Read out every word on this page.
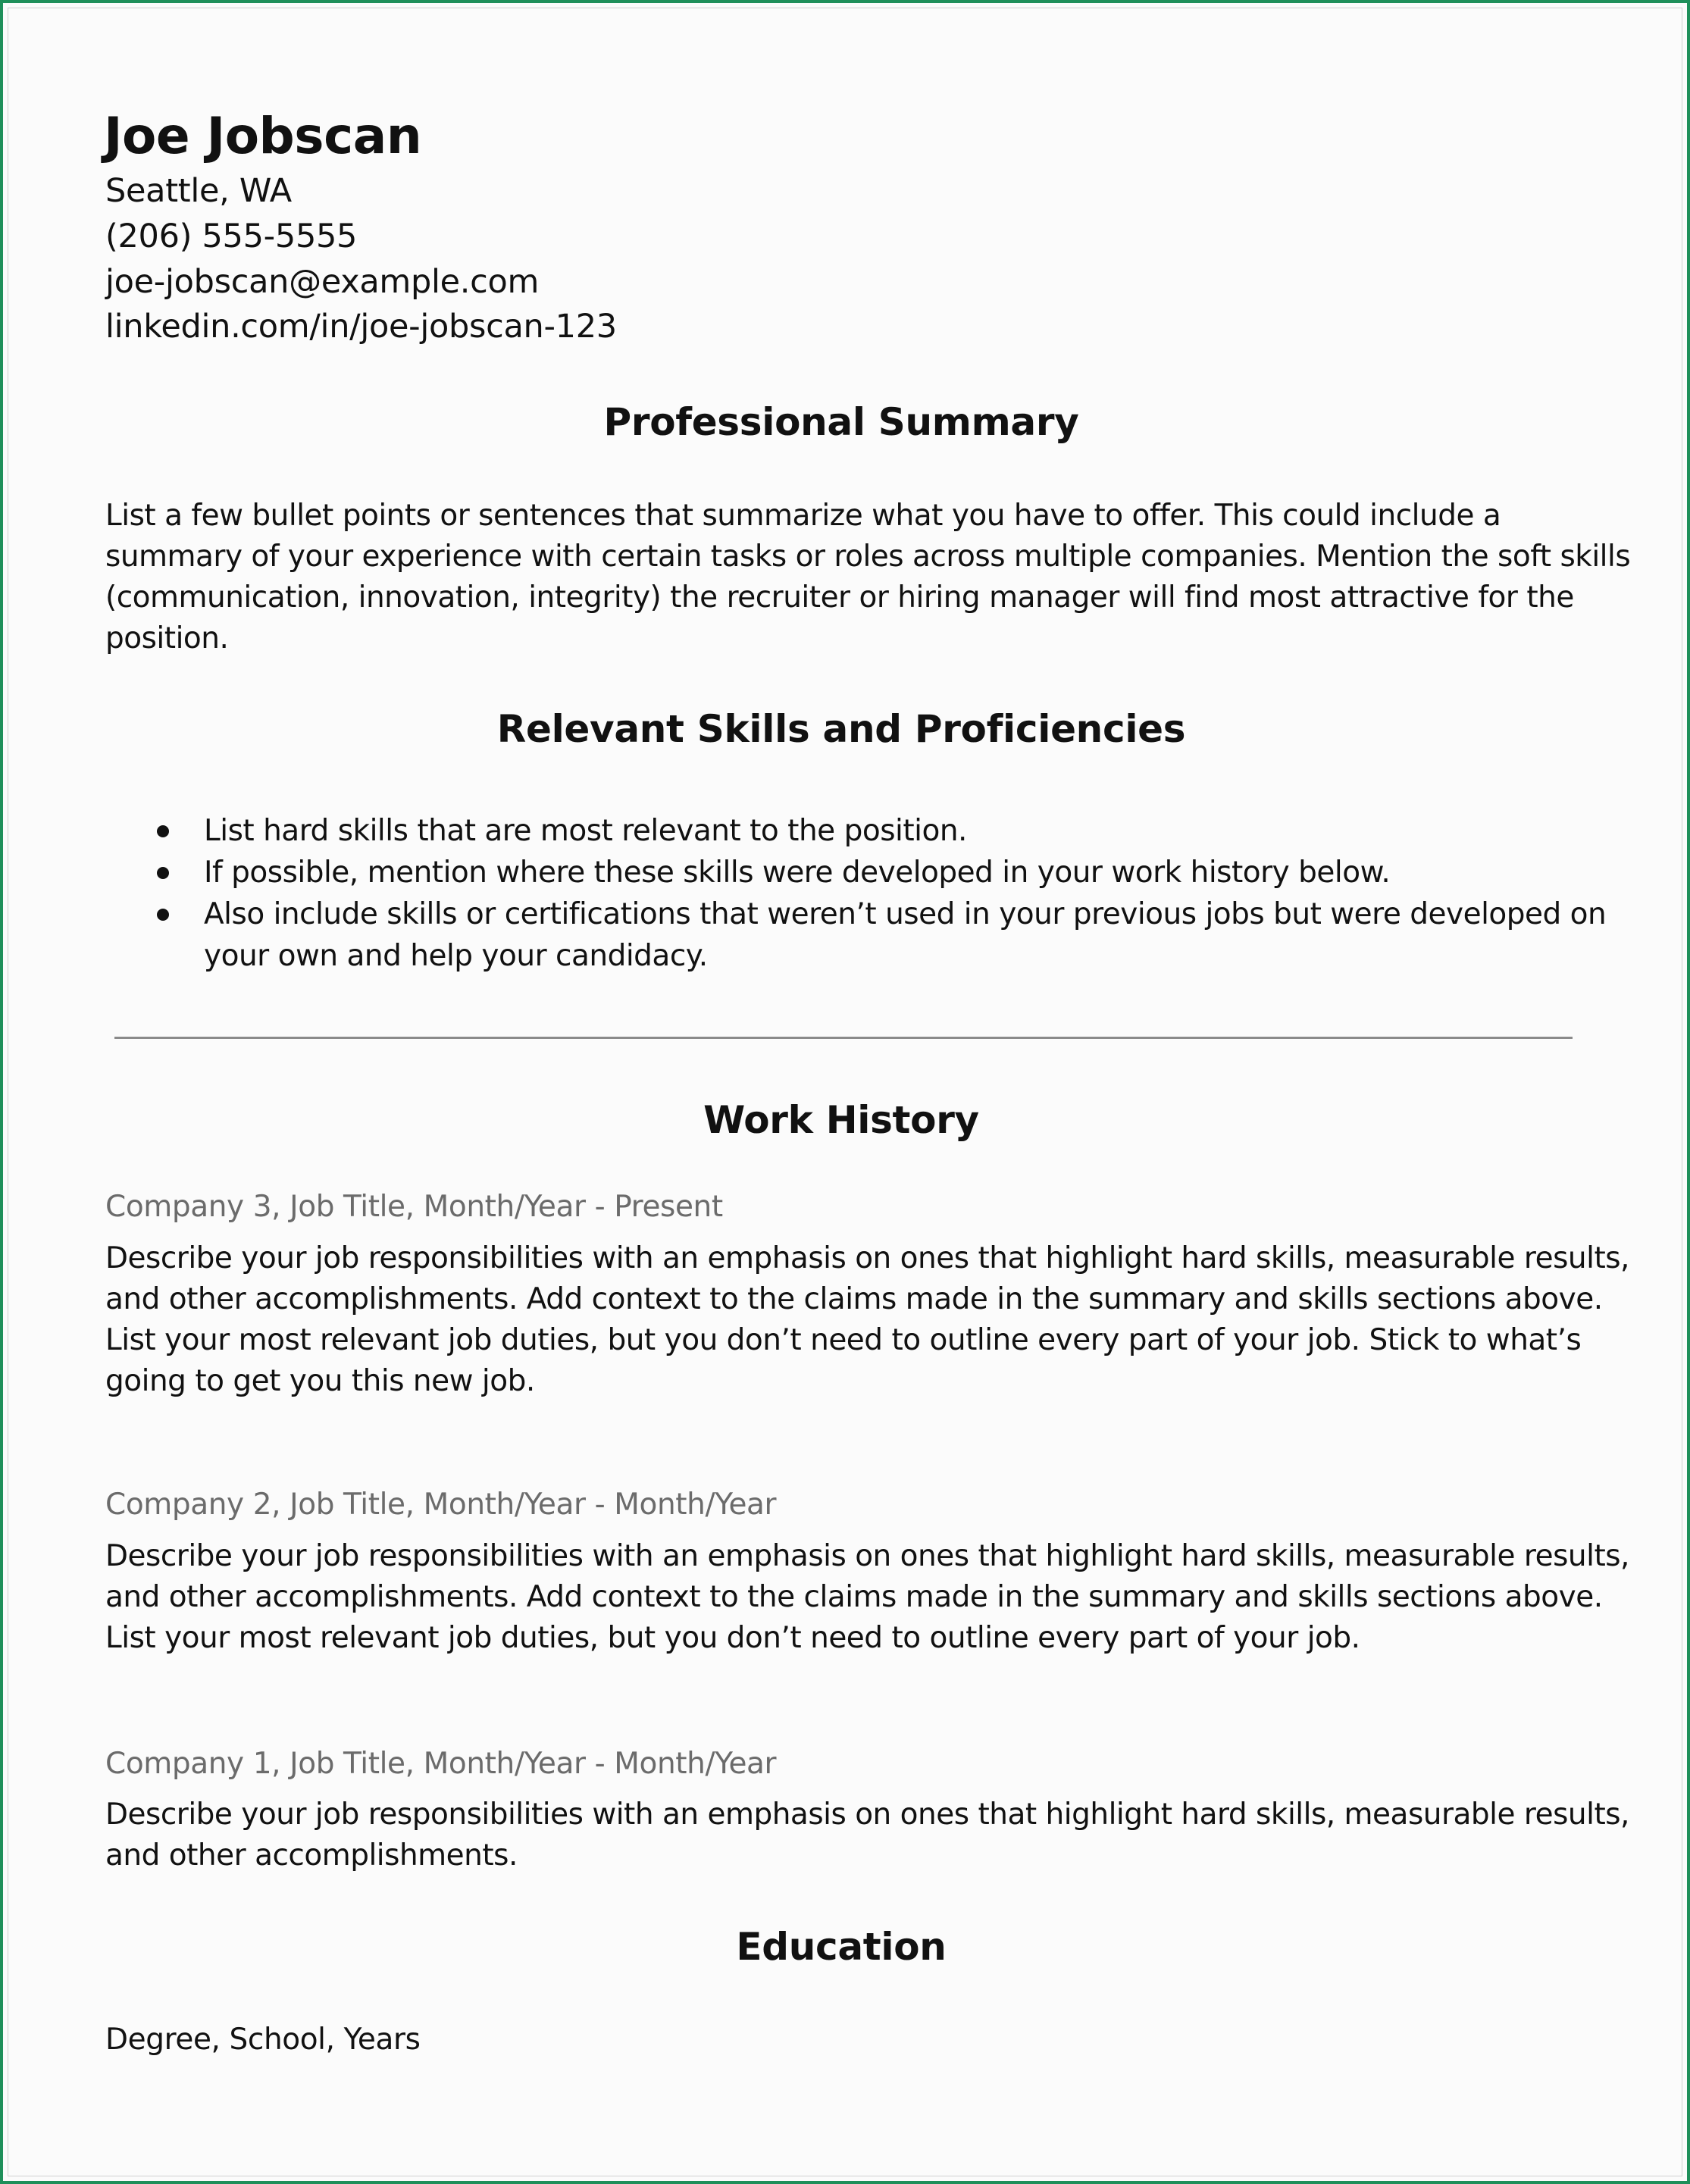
Joe Jobscan
Seattle, WA
(206) 555-5555
joe-jobscan@example.com
linkedin.com/in/joe-jobscan-123
Professional Summary
List a few bullet points or sentences that summarize what you have to offer. This could include a
summary of your experience with certain tasks or roles across multiple companies. Mention the soft skills
(communication, innovation, integrity) the recruiter or hiring manager will find most attractive for the
position.
Relevant Skills and Proficiencies
List hard skills that are most relevant to the position.
If possible, mention where these skills were developed in your work history below.
Also include skills or certifications that weren’t used in your previous jobs but were developed on
your own and help your candidacy.
Work History
Company 3, Job Title, Month/Year - Present
Describe your job responsibilities with an emphasis on ones that highlight hard skills, measurable results,
and other accomplishments. Add context to the claims made in the summary and skills sections above.
List your most relevant job duties, but you don’t need to outline every part of your job. Stick to what’s
going to get you this new job.
Company 2, Job Title, Month/Year - Month/Year
Describe your job responsibilities with an emphasis on ones that highlight hard skills, measurable results,
and other accomplishments. Add context to the claims made in the summary and skills sections above.
List your most relevant job duties, but you don’t need to outline every part of your job.
Company 1, Job Title, Month/Year - Month/Year
Describe your job responsibilities with an emphasis on ones that highlight hard skills, measurable results,
and other accomplishments.
Education
Degree, School, Years
